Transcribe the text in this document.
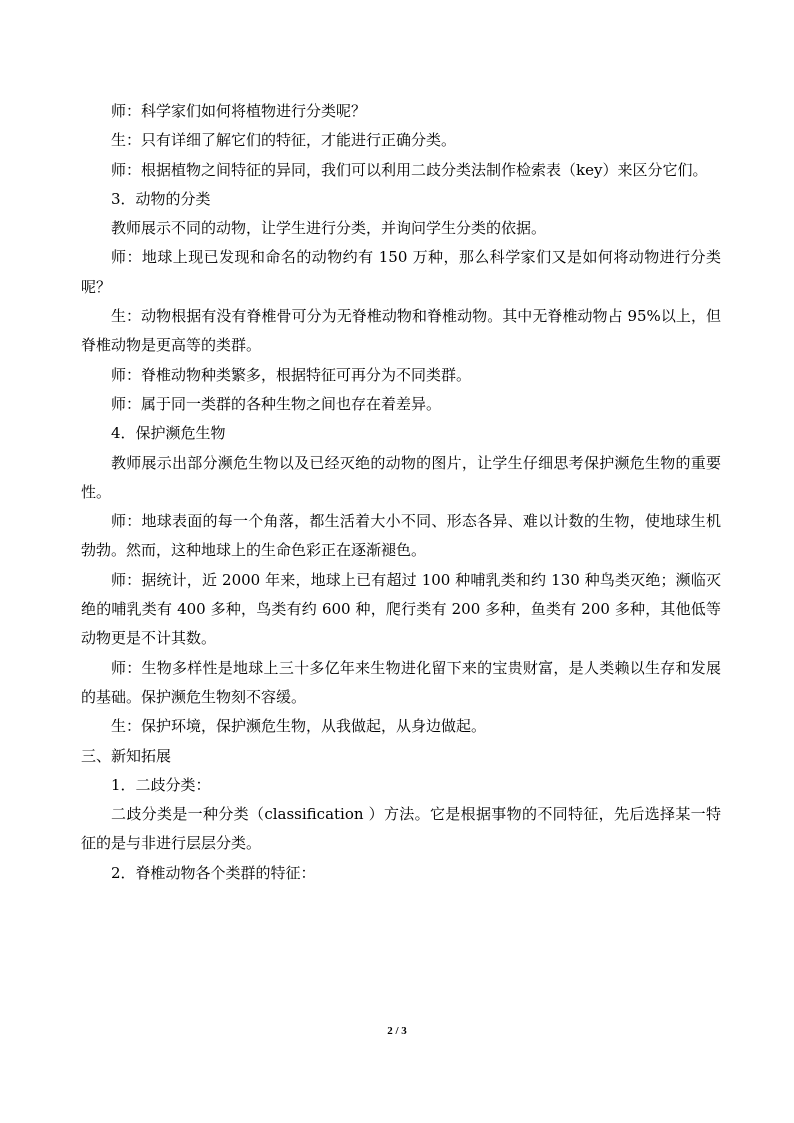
师：科学家们如何将植物进行分类呢？

生：只有详细了解它们的特征，才能进行正确分类。

师：根据植物之间特征的异同，我们可以利用二歧分类法制作检索表（key）来区分它们。

3．动物的分类

教师展示不同的动物，让学生进行分类，并询问学生分类的依据。

师：地球上现已发现和命名的动物约有 150 万种，那么科学家们又是如何将动物进行分类呢？

生：动物根据有没有脊椎骨可分为无脊椎动物和脊椎动物。其中无脊椎动物占 95%以上，但脊椎动物是更高等的类群。

师：脊椎动物种类繁多，根据特征可再分为不同类群。

师：属于同一类群的各种生物之间也存在着差异。

4．保护濒危生物

教师展示出部分濒危生物以及已经灭绝的动物的图片，让学生仔细思考保护濒危生物的重要性。

师：地球表面的每一个角落，都生活着大小不同、形态各异、难以计数的生物，使地球生机勃勃。然而，这种地球上的生命色彩正在逐渐褪色。

师：据统计，近 2000 年来，地球上已有超过 100 种哺乳类和约 130 种鸟类灭绝；濒临灭绝的哺乳类有 400 多种，鸟类有约 600 种，爬行类有 200 多种，鱼类有 200 多种，其他低等动物更是不计其数。

师：生物多样性是地球上三十多亿年来生物进化留下来的宝贵财富，是人类赖以生存和发展的基础。保护濒危生物刻不容缓。

生：保护环境，保护濒危生物，从我做起，从身边做起。

三、新知拓展

1．二歧分类：

二歧分类是一种分类（classification ）方法。它是根据事物的不同特征，先后选择某一特征的是与非进行层层分类。

2．脊椎动物各个类群的特征：

2 / 3
